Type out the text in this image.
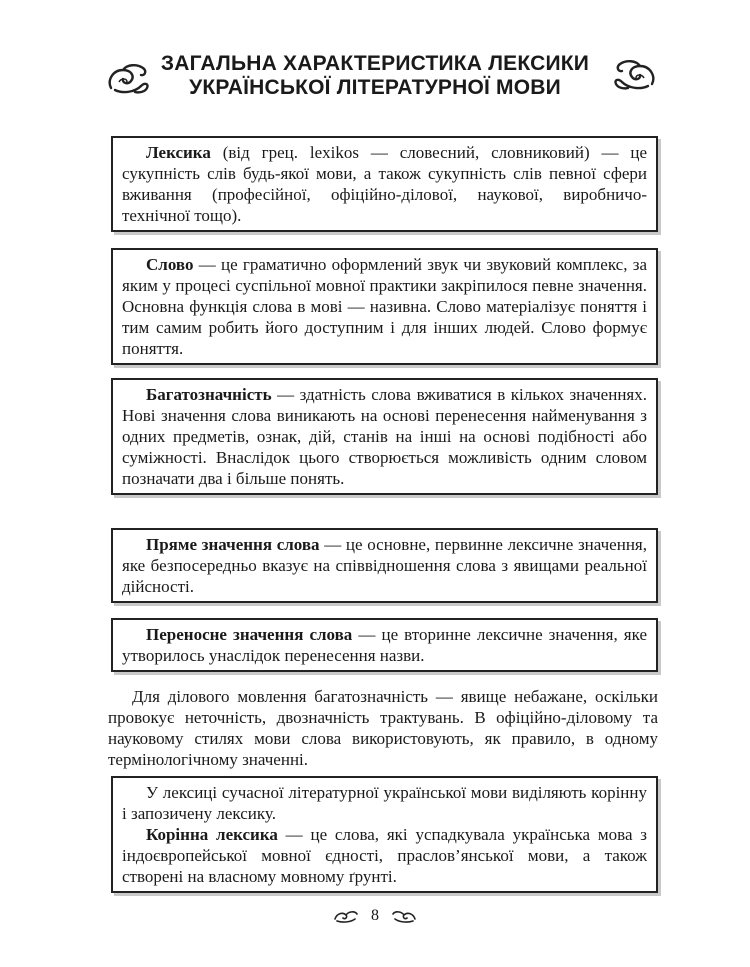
ЗАГАЛЬНА ХАРАКТЕРИСТИКА ЛЕКСИКИ
УКРАЇНСЬКОЇ ЛІТЕРАТУРНОЇ МОВИ

Лексика (від грец. lexikos — словесний, словниковий) — це сукупність слів будь-якої мови, а також сукупність слів певної сфери вживання (професійної, офіційно-ділової, наукової, виробничо-технічної тощо).

Слово — це граматично оформлений звук чи звуковий комплекс, за яким у процесі суспільної мовної практики закріпилося певне значення. Основна функція слова в мові — називна. Слово матеріалізує поняття і тим самим робить його доступним і для інших людей. Слово формує поняття.

Багатозначність — здатність слова вживатися в кількох значеннях. Нові значення слова виникають на основі перенесення найменування з одних предметів, ознак, дій, станів на інші на основі подібності або суміжності. Внаслідок цього створюється можливість одним словом позначати два і більше понять.

Пряме значення слова — це основне, первинне лексичне значення, яке безпосередньо вказує на співвідношення слова з явищами реальної дійсності.

Переносне значення слова — це вторинне лексичне значення, яке утворилось унаслідок перенесення назви.

Для ділового мовлення багатозначність — явище небажане, оскільки провокує неточність, двозначність трактувань. В офіційно-діловому та науковому стилях мови слова використовують, як правило, в одному термінологічному значенні.

У лексиці сучасної літературної української мови виділяють корінну і запозичену лексику.

Корінна лексика — це слова, які успадкувала українська мова з індоєвропейської мовної єдності, праслов’янської мови, а також створені на власному мовному ґрунті.

8
